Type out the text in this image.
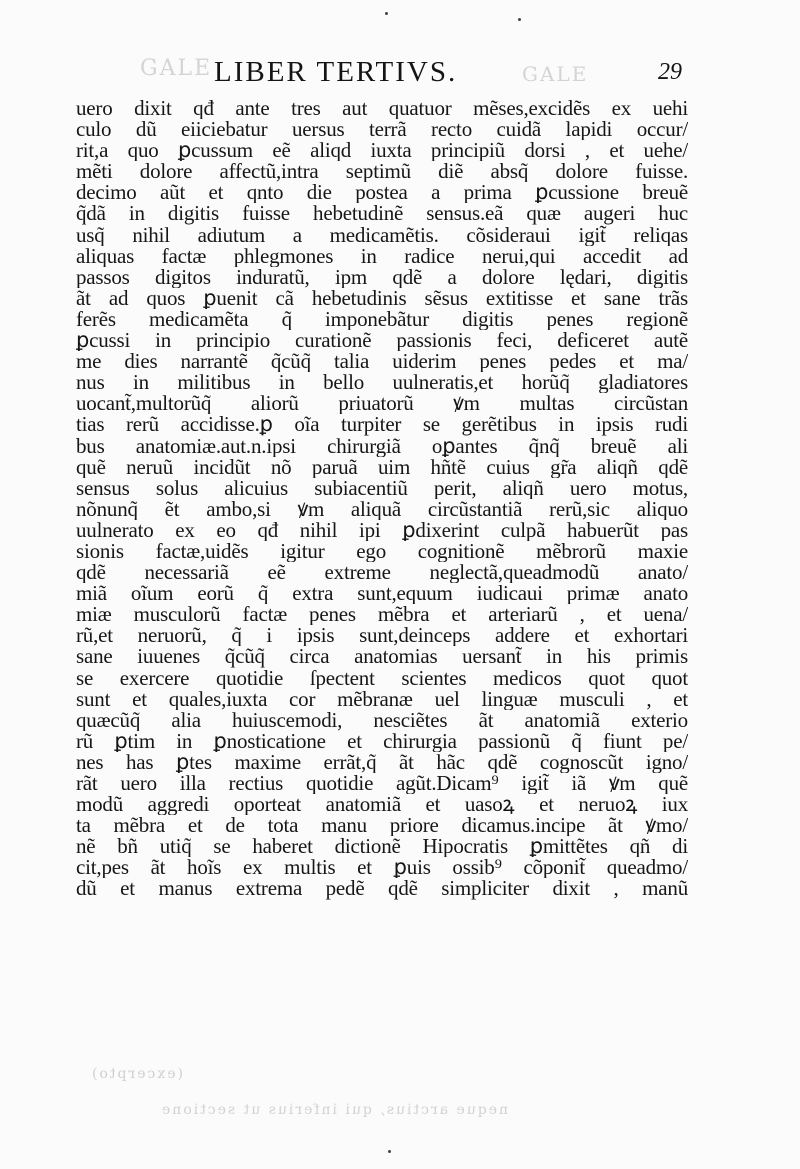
GALE	GALE
(excerpto)
neque arctius, qui inferius ut sectione
LIBER TERTIVS.	29
uero dixit qđ ante tres aut quatuor mẽses,excidẽs ex uehi
culo dũ eiiciebatur uersus terrã recto cuidã lapidi occur/
rit,a quo ꝑcussum eẽ aliqd iuxta principiũ dorsi , et uehe/
mẽti dolore affectũ,intra septimũ diẽ absq̃ dolore fuisse.
decimo aũt et qnto die postea a prima ꝑcussione breuẽ
q̃dã in digitis fuisse hebetudinẽ sensus.eã quæ augeri huc
usq̃ nihil adiutum a medicamẽtis. cõsideraui igit̃ reliqas
aliquas factæ phlegmones in radice nerui,qui accedit ad
passos digitos induratũ, ipm qdẽ a dolore lędari, digitis
ãt ad quos ꝑuenit cã hebetudinis sẽsus extitisse et sane trãs
ferẽs medicamẽta q̃ imponebãtur digitis penes regionẽ
ꝑcussi in principio curationẽ passionis feci, deficeret autẽ
me dies narrantẽ q̃cũq̃ talia uiderim penes pedes et ma/
nus in militibus in bello uulneratis,et horũq̃ gladiatores
uocant̃,multorũq̃ aliorũ priuatorũ ꝟm multas circũstan
tias rerũ accidisse.ꝑ oĩa turpiter se gerẽtibus in ipsis rudi
bus anatomiæ.aut.n.ipsi chirurgiã oꝑantes q̃nq̃ breuẽ ali
quẽ neruũ incidũt nõ paruã uim hñtẽ cuius gr̃a aliqñ qdẽ
sensus solus alicuius subiacentiũ perit, aliqñ uero motus,
nõnunq̃ ẽt ambo,si ꝟm aliquã circũstantiã rerũ,sic aliquo
uulnerato ex eo qđ nihil ipi ꝑdixerint culpã habuerũt pas
sionis factæ,uidẽs igitur ego cognitionẽ mẽbrorũ maxie
qdẽ necessariã eẽ extreme neglectã,queadmodũ anato/
miã oĩum eorũ q̃ extra sunt,equum iudicaui primæ anato
miæ musculorũ factæ penes mẽbra et arteriarũ , et uena/
rũ,et neruorũ, q̃ i ipsis sunt,deinceps addere et exhortari
sane iuuenes q̃cũq̃ circa anatomias uersant̃ in his primis
se exercere quotidie ſpectent scientes medicos quot quot
sunt et quales,iuxta cor mẽbranæ uel linguæ musculi , et
quæcũq̃ alia huiuscemodi, nesciẽtes ãt anatomiã exterio
rũ ꝑtim in ꝑnosticatione et chirurgia passionũ q̃ fiunt pe/
nes has ꝑtes maxime errãt,q̃ ãt hãc qdẽ cognoscũt igno/
rãt uero illa rectius quotidie agũt.Dicam⁹ igit̃ iã ꝟm quẽ
modũ aggredi oporteat anatomiã et uasoꝝ et neruoꝝ iux
ta mẽbra et de tota manu priore dicamus.incipe ãt ꝟmo/
nẽ bñ utiq̃ se haberet dictionẽ Hipocratis ꝑmittẽtes qñ di
cit,pes ãt hoĩs ex multis et ꝑuis ossib⁹ cõponit̃ queadmo/
dũ et manus extrema pedẽ qdẽ simpliciter dixit , manũ
